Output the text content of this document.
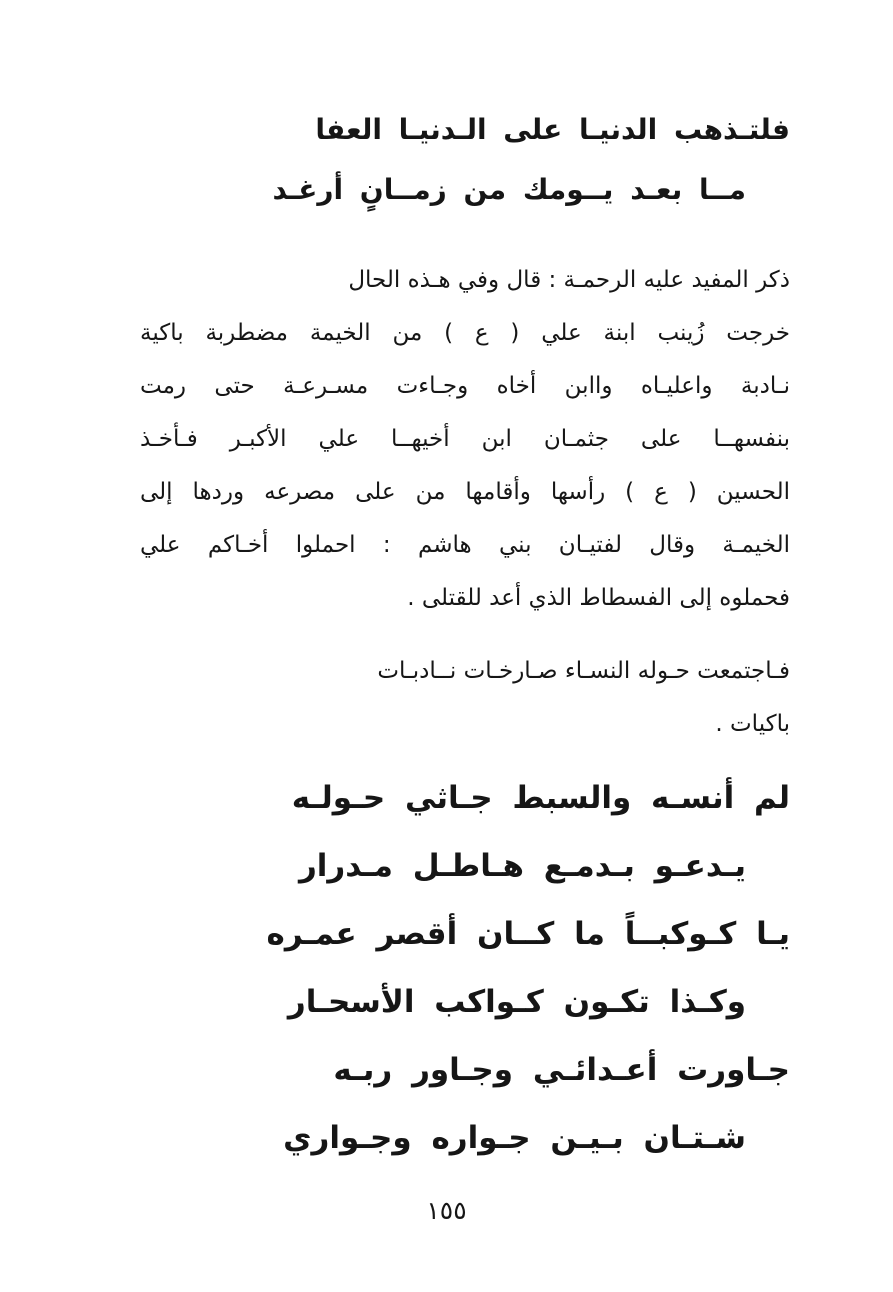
فلتـذهب الدنيـا على الـدنيـا العفا
مــا بعـد يــومك من زمــانٍ أرغـد
ذكر المفيد عليه الرحمـة : قال وفي هـذه الحال
خرجت زُينب ابنة علي ( ع ) من الخيمة مضطربة باكية
نـادبة واعليـاه واابن أخاه وجـاءت مسـرعـة حتى رمت
بنفسهــا على جثمـان ابن أخيهــا علي الأكبـر فـأخـذ
الحسين ( ع ) رأسها وأقامها من على مصرعه وردها إلى
الخيمـة وقال لفتيـان بني هاشم : احملوا أخـاكم علي
فحملوه إلى الفسطاط الذي أعد للقتلى .
فـاجتمعت حـوله النسـاء صـارخـات نــادبـات
باكيات .
لم أنسـه والسبط جـاثي حـولـه
يـدعـو بـدمـع هـاطـل مـدرار
يـا كـوكبــاً ما كــان أقصر عمـره
وكـذا تكـون كـواكب الأسحـار
جـاورت أعـدائـي وجـاور ربـه
شـتـان بـيـن جـواره وجـواري
١٥٥
